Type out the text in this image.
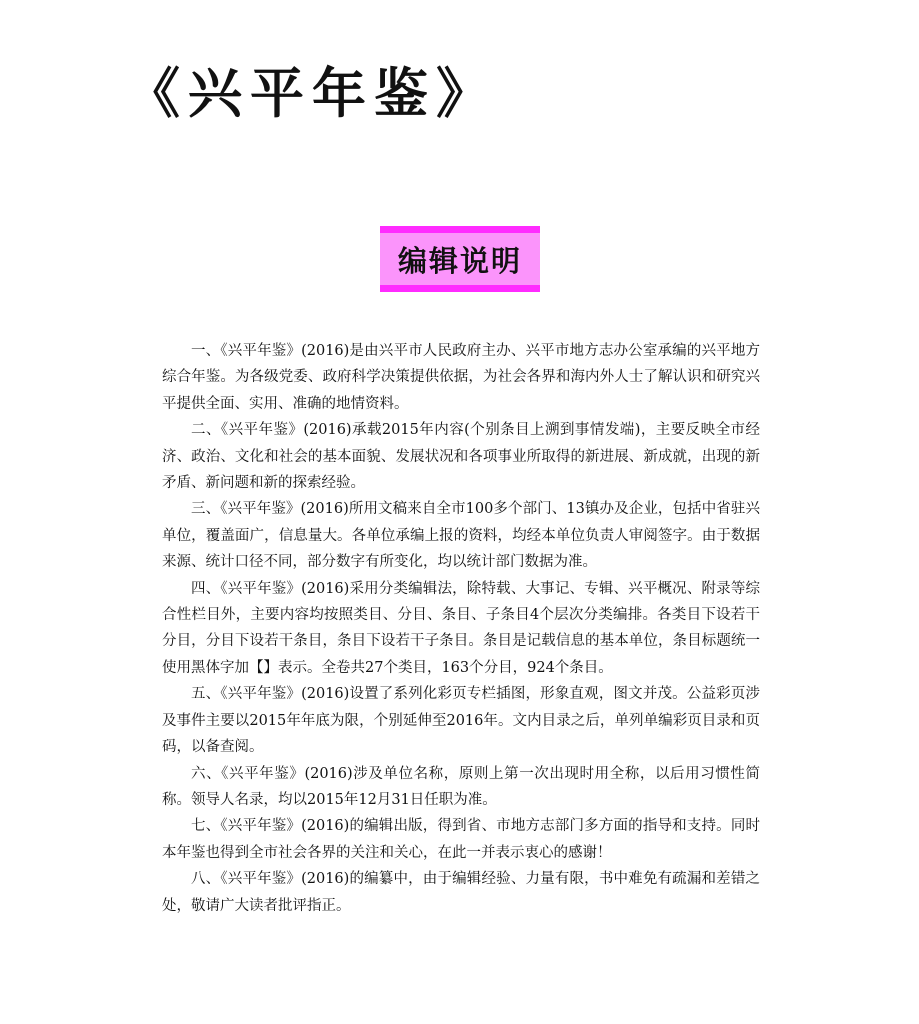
《兴平年鉴》
编辑说明

一、《兴平年鉴》(2016)是由兴平市人民政府主办、兴平市地方志办公室承编的兴平地方综合年鉴。为各级党委、政府科学决策提供依据，为社会各界和海内外人士了解认识和研究兴平提供全面、实用、准确的地情资料。

二、《兴平年鉴》(2016)承载2015年内容(个别条目上溯到事情发端)，主要反映全市经济、政治、文化和社会的基本面貌、发展状况和各项事业所取得的新进展、新成就，出现的新矛盾、新问题和新的探索经验。

三、《兴平年鉴》(2016)所用文稿来自全市100多个部门、13镇办及企业，包括中省驻兴单位，覆盖面广，信息量大。各单位承编上报的资料，均经本单位负责人审阅签字。由于数据来源、统计口径不同，部分数字有所变化，均以统计部门数据为准。

四、《兴平年鉴》(2016)采用分类编辑法，除特载、大事记、专辑、兴平概况、附录等综合性栏目外，主要内容均按照类目、分目、条目、子条目4个层次分类编排。各类目下设若干分目，分目下设若干条目，条目下设若干子条目。条目是记载信息的基本单位，条目标题统一使用黑体字加【】表示。全卷共27个类目，163个分目，924个条目。

五、《兴平年鉴》(2016)设置了系列化彩页专栏插图，形象直观，图文并茂。公益彩页涉及事件主要以2015年年底为限，个别延伸至2016年。文内目录之后，单列单编彩页目录和页码，以备查阅。

六、《兴平年鉴》(2016)涉及单位名称，原则上第一次出现时用全称，以后用习惯性简称。领导人名录，均以2015年12月31日任职为准。

七、《兴平年鉴》(2016)的编辑出版，得到省、市地方志部门多方面的指导和支持。同时本年鉴也得到全市社会各界的关注和关心，在此一并表示衷心的感谢！

八、《兴平年鉴》(2016)的编纂中，由于编辑经验、力量有限，书中难免有疏漏和差错之处，敬请广大读者批评指正。
